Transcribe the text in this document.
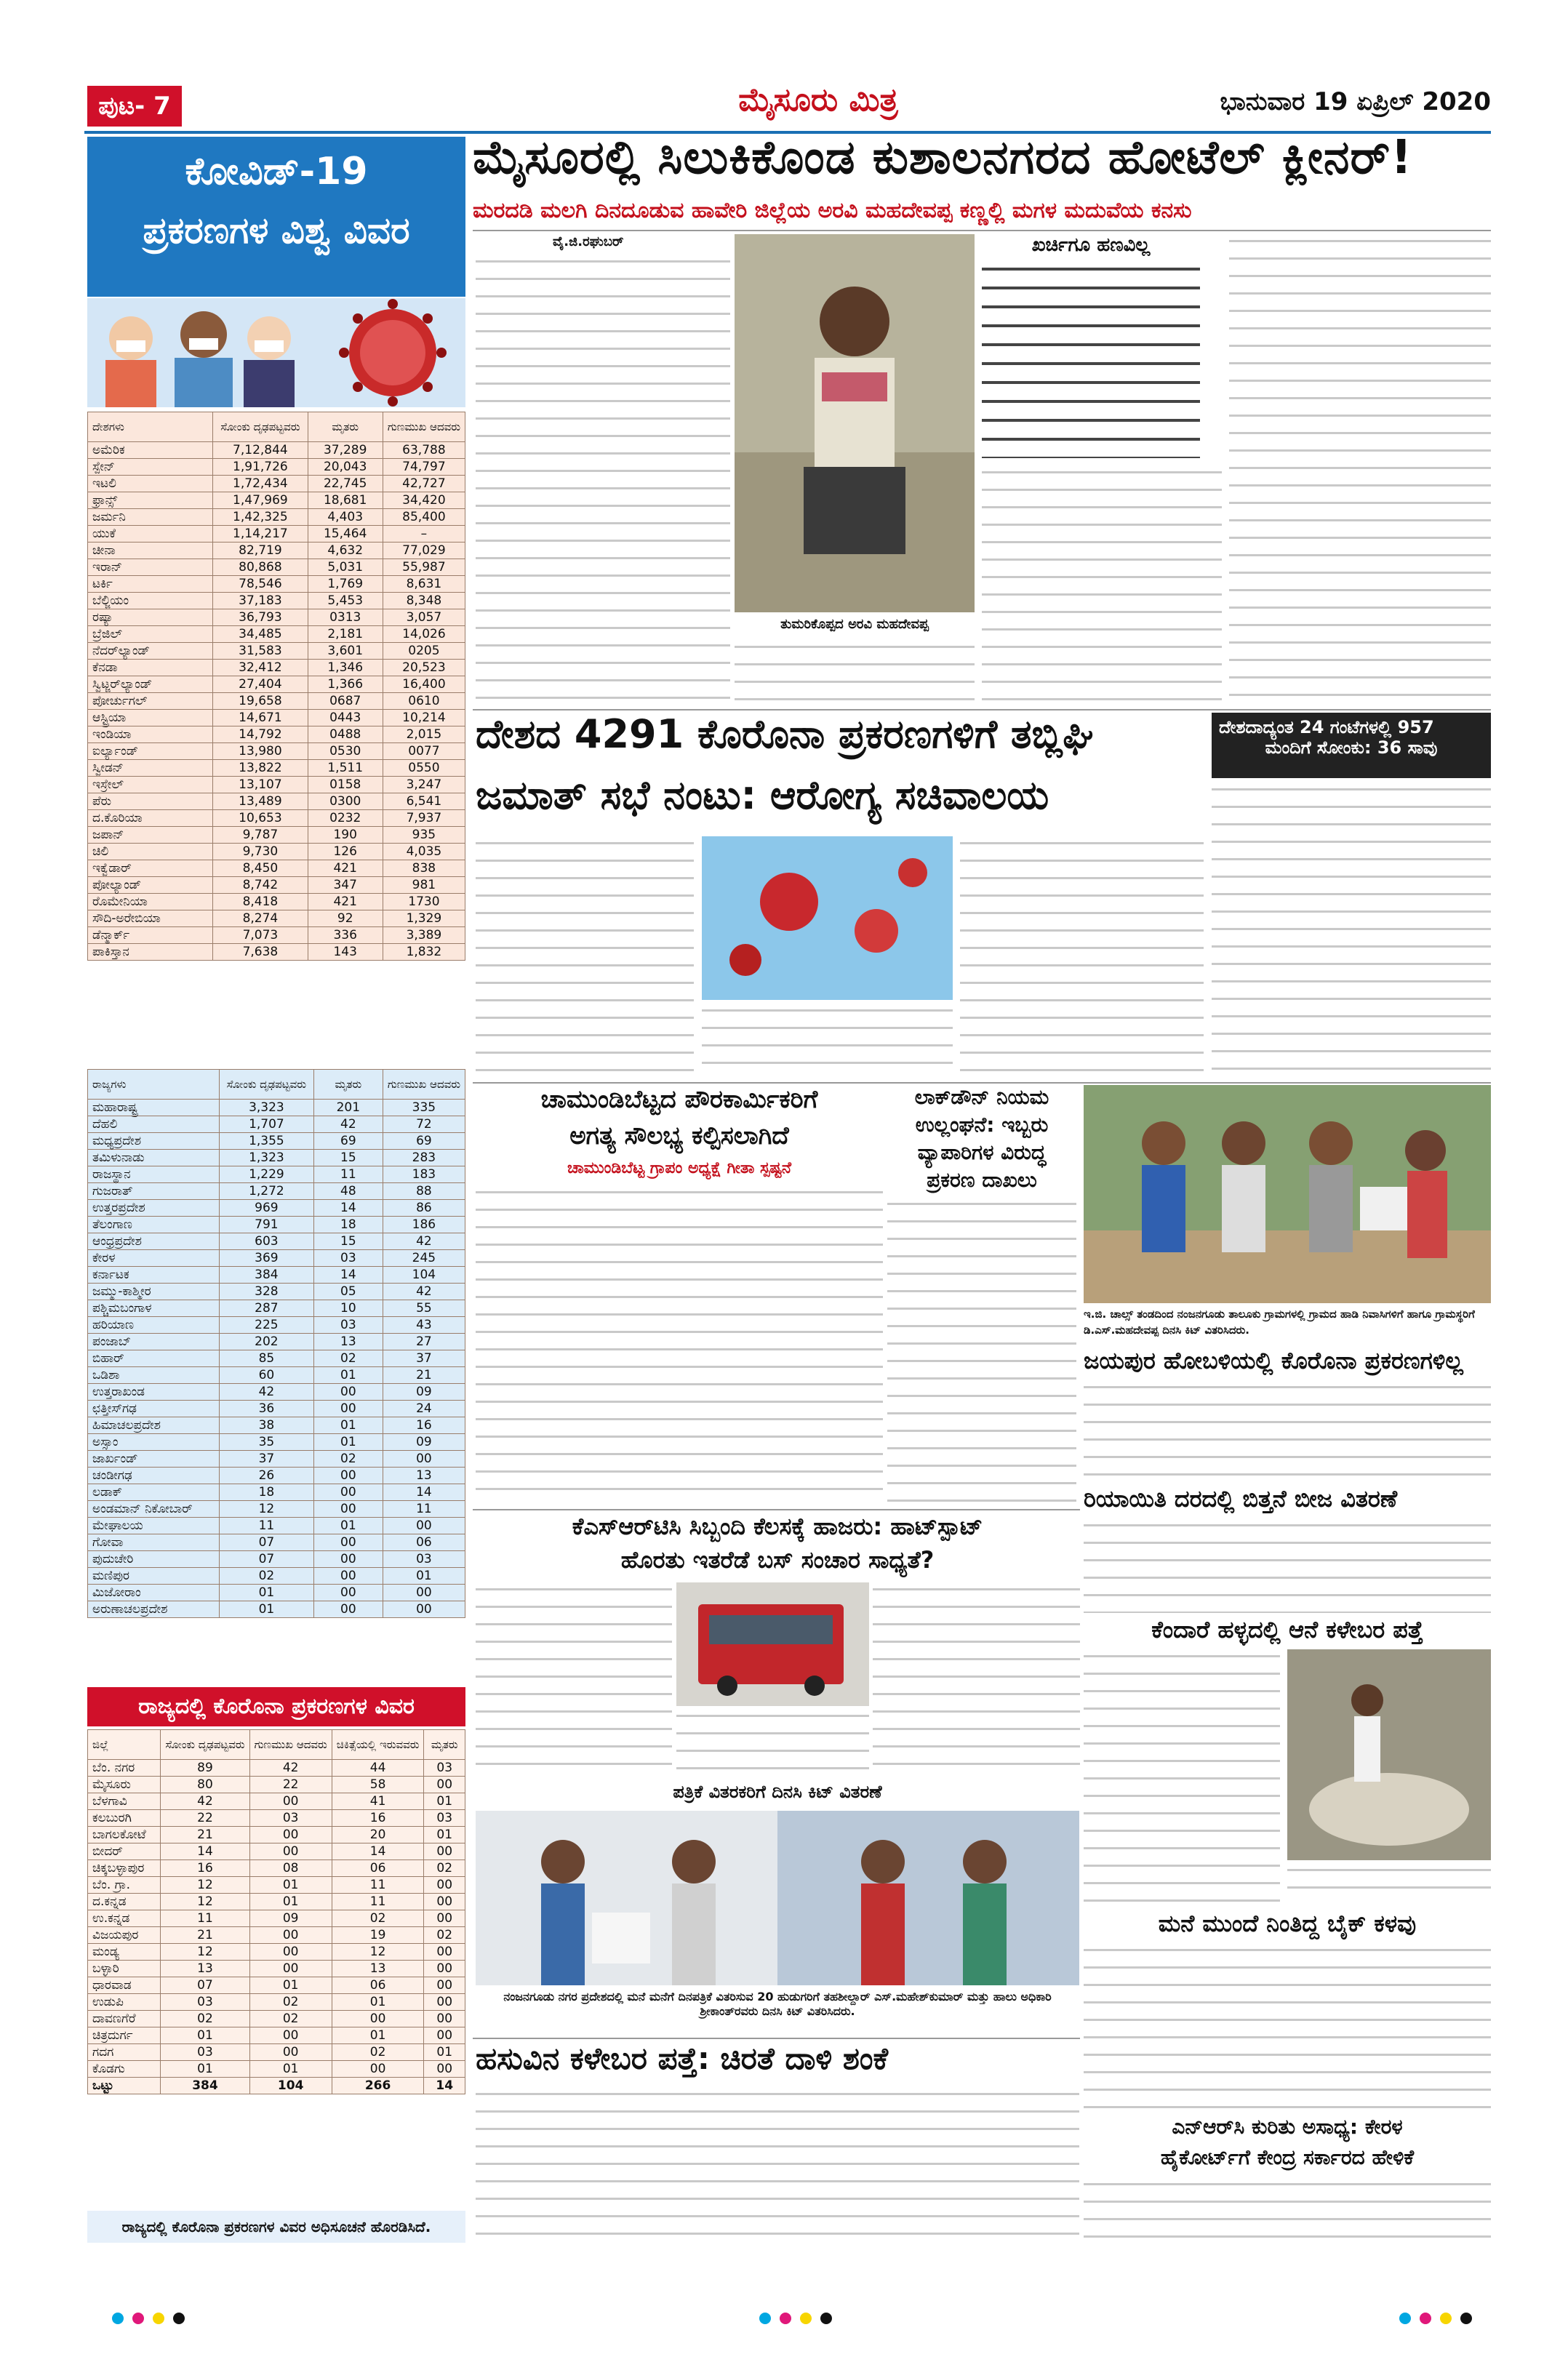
ಪುಟ- 7	ಮೈಸೂರು ಮಿತ್ರ	ಭಾನುವಾರ 19 ಏಪ್ರಿಲ್ 2020
ಕೋವಿಡ್-19
ಪ್ರಕರಣಗಳ ವಿಶ್ವ ವಿವರ
ದೇಶಗಳು	ಸೋಂಕು ದೃಢಪಟ್ಟವರು	ಮೃತರು	ಗುಣಮುಖ ಆದವರು
ಅಮೆರಿಕ	7,12,844	37,289	63,788
ಸ್ಪೇನ್	1,91,726	20,043	74,797
ಇಟಲಿ	1,72,434	22,745	42,727
ಫ್ರಾನ್ಸ್	1,47,969	18,681	34,420
ಜರ್ಮನಿ	1,42,325	4,403	85,400
ಯುಕೆ	1,14,217	15,464	–
ಚೀನಾ	82,719	4,632	77,029
ಇರಾನ್	80,868	5,031	55,987
ಟರ್ಕಿ	78,546	1,769	8,631
ಬೆಲ್ಜಿಯಂ	37,183	5,453	8,348
ರಷ್ಯಾ	36,793	0313	3,057
ಬ್ರೆಜಿಲ್	34,485	2,181	14,026
ನೆದರ್‌ಲ್ಯಾಂಡ್	31,583	3,601	0205
ಕೆನಡಾ	32,412	1,346	20,523
ಸ್ವಿಟ್ಜರ್‌ಲ್ಯಾಂಡ್	27,404	1,366	16,400
ಪೋರ್ಚುಗಲ್	19,658	0687	0610
ಆಸ್ಟ್ರಿಯಾ	14,671	0443	10,214
ಇಂಡಿಯಾ	14,792	0488	2,015
ಐರ್ಲ್ಯಾಂಡ್	13,980	0530	0077
ಸ್ವೀಡನ್	13,822	1,511	0550
ಇಸ್ರೇಲ್	13,107	0158	3,247
ಪೆರು	13,489	0300	6,541
ದ.ಕೊರಿಯಾ	10,653	0232	7,937
ಜಪಾನ್	9,787	190	935
ಚಿಲಿ	9,730	126	4,035
ಇಕ್ವೆಡಾರ್	8,450	421	838
ಪೋಲ್ಯಾಂಡ್	8,742	347	981
ರೊಮೇನಿಯಾ	8,418	421	1730
ಸೌದಿ-ಅರೇಬಿಯಾ	8,274	92	1,329
ಡೆನ್ಮಾರ್ಕ್	7,073	336	3,389
ಪಾಕಿಸ್ತಾನ	7,638	143	1,832
ರಾಜ್ಯಗಳು	ಸೋಂಕು ದೃಢಪಟ್ಟವರು	ಮೃತರು	ಗುಣಮುಖ ಆದವರು
ಮಹಾರಾಷ್ಟ್ರ	3,323	201	335
ದೆಹಲಿ	1,707	42	72
ಮಧ್ಯಪ್ರದೇಶ	1,355	69	69
ತಮಿಳುನಾಡು	1,323	15	283
ರಾಜಸ್ಥಾನ	1,229	11	183
ಗುಜರಾತ್	1,272	48	88
ಉತ್ತರಪ್ರದೇಶ	969	14	86
ತೆಲಂಗಾಣ	791	18	186
ಆಂಧ್ರಪ್ರದೇಶ	603	15	42
ಕೇರಳ	369	03	245
ಕರ್ನಾಟಕ	384	14	104
ಜಮ್ಮು-ಕಾಶ್ಮೀರ	328	05	42
ಪಶ್ಚಿಮಬಂಗಾಳ	287	10	55
ಹರಿಯಾಣ	225	03	43
ಪಂಜಾಬ್	202	13	27
ಬಿಹಾರ್	85	02	37
ಒಡಿಶಾ	60	01	21
ಉತ್ತರಾಖಂಡ	42	00	09
ಛತ್ತೀಸ್‌ಗಢ	36	00	24
ಹಿಮಾಚಲಪ್ರದೇಶ	38	01	16
ಅಸ್ಸಾಂ	35	01	09
ಜಾರ್ಖಂಡ್	37	02	00
ಚಂಡೀಗಢ	26	00	13
ಲಡಾಕ್	18	00	14
ಅಂಡಮಾನ್ ನಿಕೋಬಾರ್	12	00	11
ಮೇಘಾಲಯ	11	01	00
ಗೋವಾ	07	00	06
ಪುದುಚೇರಿ	07	00	03
ಮಣಿಪುರ	02	00	01
ಮಿಜೋರಾಂ	01	00	00
ಅರುಣಾಚಲಪ್ರದೇಶ	01	00	00
ರಾಜ್ಯದಲ್ಲಿ ಕೊರೊನಾ ಪ್ರಕರಣಗಳ ವಿವರ
ಜಿಲ್ಲೆ	ಸೋಂಕು ದೃಢಪಟ್ಟವರು	ಗುಣಮುಖ ಆದವರು	ಚಿಕಿತ್ಸೆಯಲ್ಲಿ ಇರುವವರು	ಮೃತರು
ಬೆಂ. ನಗರ	89	42	44	03
ಮೈಸೂರು	80	22	58	00
ಬೆಳಗಾವಿ	42	00	41	01
ಕಲಬುರಗಿ	22	03	16	03
ಬಾಗಲಕೋಟೆ	21	00	20	01
ಬೀದರ್	14	00	14	00
ಚಿಕ್ಕಬಳ್ಳಾಪುರ	16	08	06	02
ಬೆಂ. ಗ್ರಾ.	12	01	11	00
ದ.ಕನ್ನಡ	12	01	11	00
ಉ.ಕನ್ನಡ	11	09	02	00
ವಿಜಯಪುರ	21	00	19	02
ಮಂಡ್ಯ	12	00	12	00
ಬಳ್ಳಾರಿ	13	00	13	00
ಧಾರವಾಡ	07	01	06	00
ಉಡುಪಿ	03	02	01	00
ದಾವಣಗೆರೆ	02	02	00	00
ಚಿತ್ರದುರ್ಗ	01	00	01	00
ಗದಗ	03	00	02	01
ಕೊಡಗು	01	01	00	00
ಒಟ್ಟು	384	104	266	14
ರಾಜ್ಯದಲ್ಲಿ ಕೊರೊನಾ ಪ್ರಕರಣಗಳ ವಿವರ ಅಧಿಸೂಚನೆ ಹೊರಡಿಸಿದೆ.
ಮೈಸೂರಲ್ಲಿ ಸಿಲುಕಿಕೊಂಡ ಕುಶಾಲನಗರದ ಹೋಟೆಲ್ ಕ್ಲೀನರ್!
ಮರದಡಿ ಮಲಗಿ ದಿನದೂಡುವ ಹಾವೇರಿ ಜಿಲ್ಲೆಯ ಅರವಿ ಮಹದೇವಪ್ಪ ಕಣ್ಣಲ್ಲಿ ಮಗಳ ಮದುವೆಯ ಕನಸು
ವೈ.ಜಿ.ರಘುಬರ್
ತುಮರಿಕೊಪ್ಪದ ಅರವಿ ಮಹದೇವಪ್ಪ
ಖರ್ಚಿಗೂ ಹಣವಿಲ್ಲ
ದೇಶದ 4291 ಕೊರೊನಾ ಪ್ರಕರಣಗಳಿಗೆ ತಬ್ಲಿಘಿ
ಜಮಾತ್ ಸಭೆ ನಂಟು: ಆರೋಗ್ಯ ಸಚಿವಾಲಯ
ದೇಶದಾದ್ಯಂತ 24 ಗಂಟೆಗಳಲ್ಲಿ 957
ಮಂದಿಗೆ ಸೋಂಕು: 36 ಸಾವು
ಚಾಮುಂಡಿಬೆಟ್ಟದ ಪೌರಕಾರ್ಮಿಕರಿಗೆ
ಅಗತ್ಯ ಸೌಲಭ್ಯ ಕಲ್ಪಿಸಲಾಗಿದೆ
ಚಾಮುಂಡಿಬೆಟ್ಟ ಗ್ರಾಪಂ ಅಧ್ಯಕ್ಷೆ ಗೀತಾ ಸ್ಪಷ್ಟನೆ
ಲಾಕ್‌ಡೌನ್ ನಿಯಮ
ಉಲ್ಲಂಘನೆ: ಇಬ್ಬರು
ವ್ಯಾಪಾರಿಗಳ ವಿರುದ್ಧ
ಪ್ರಕರಣ ದಾಖಲು
ಇ.ಜಿ. ಚಾಲ್ಸ್ ತಂಡದಿಂದ ನಂಜನಗೂಡು ತಾಲೂಕು ಗ್ರಾಮಗಳಲ್ಲಿ ಗ್ರಾಮದ ಹಾಡಿ ನಿವಾಸಿಗಳಿಗೆ ಹಾಗೂ ಗ್ರಾಮಸ್ಥರಿಗೆ ಡಿ.ಎಸ್.ಮಹದೇವಪ್ಪ ದಿನಸಿ ಕಿಟ್ ವಿತರಿಸಿದರು.
ಜಯಪುರ ಹೋಬಳಿಯಲ್ಲಿ ಕೊರೊನಾ ಪ್ರಕರಣಗಳಿಲ್ಲ
ರಿಯಾಯಿತಿ ದರದಲ್ಲಿ ಬಿತ್ತನೆ ಬೀಜ ವಿತರಣೆ
ಕೆಎಸ್‌ಆರ್‌ಟಿಸಿ ಸಿಬ್ಬಂದಿ ಕೆಲಸಕ್ಕೆ ಹಾಜರು: ಹಾಟ್‌ಸ್ಪಾಟ್
ಹೊರತು ಇತರೆಡೆ ಬಸ್ ಸಂಚಾರ ಸಾಧ್ಯತೆ?
ಕೆಂದಾರೆ ಹಳ್ಳದಲ್ಲಿ ಆನೆ ಕಳೇಬರ ಪತ್ತೆ
ಪತ್ರಿಕೆ ವಿತರಕರಿಗೆ ದಿನಸಿ ಕಿಟ್ ವಿತರಣೆ
ನಂಜನಗೂಡು ನಗರ ಪ್ರದೇಶದಲ್ಲಿ ಮನೆ ಮನೆಗೆ ದಿನಪತ್ರಿಕೆ ವಿತರಿಸುವ 20 ಹುಡುಗರಿಗೆ ತಹಶೀಲ್ದಾರ್ ಎಸ್.ಮಹೇಶ್‌ಕುಮಾರ್ ಮತ್ತು ಹಾಲು ಅಧಿಕಾರಿ ಶ್ರೀಕಾಂತ್‌ರವರು ದಿನಸಿ ಕಿಟ್ ವಿತರಿಸಿದರು.
ಮನೆ ಮುಂದೆ ನಿಂತಿದ್ದ ಬೈಕ್ ಕಳವು
ಹಸುವಿನ ಕಳೇಬರ ಪತ್ತೆ: ಚಿರತೆ ದಾಳಿ ಶಂಕೆ
ಎನ್ಆರ್‌ಸಿ ಕುರಿತು ಅಸಾಧ್ಯ: ಕೇರಳ
ಹೈಕೋರ್ಟ್‌ಗೆ ಕೇಂದ್ರ ಸರ್ಕಾರದ ಹೇಳಿಕೆ
